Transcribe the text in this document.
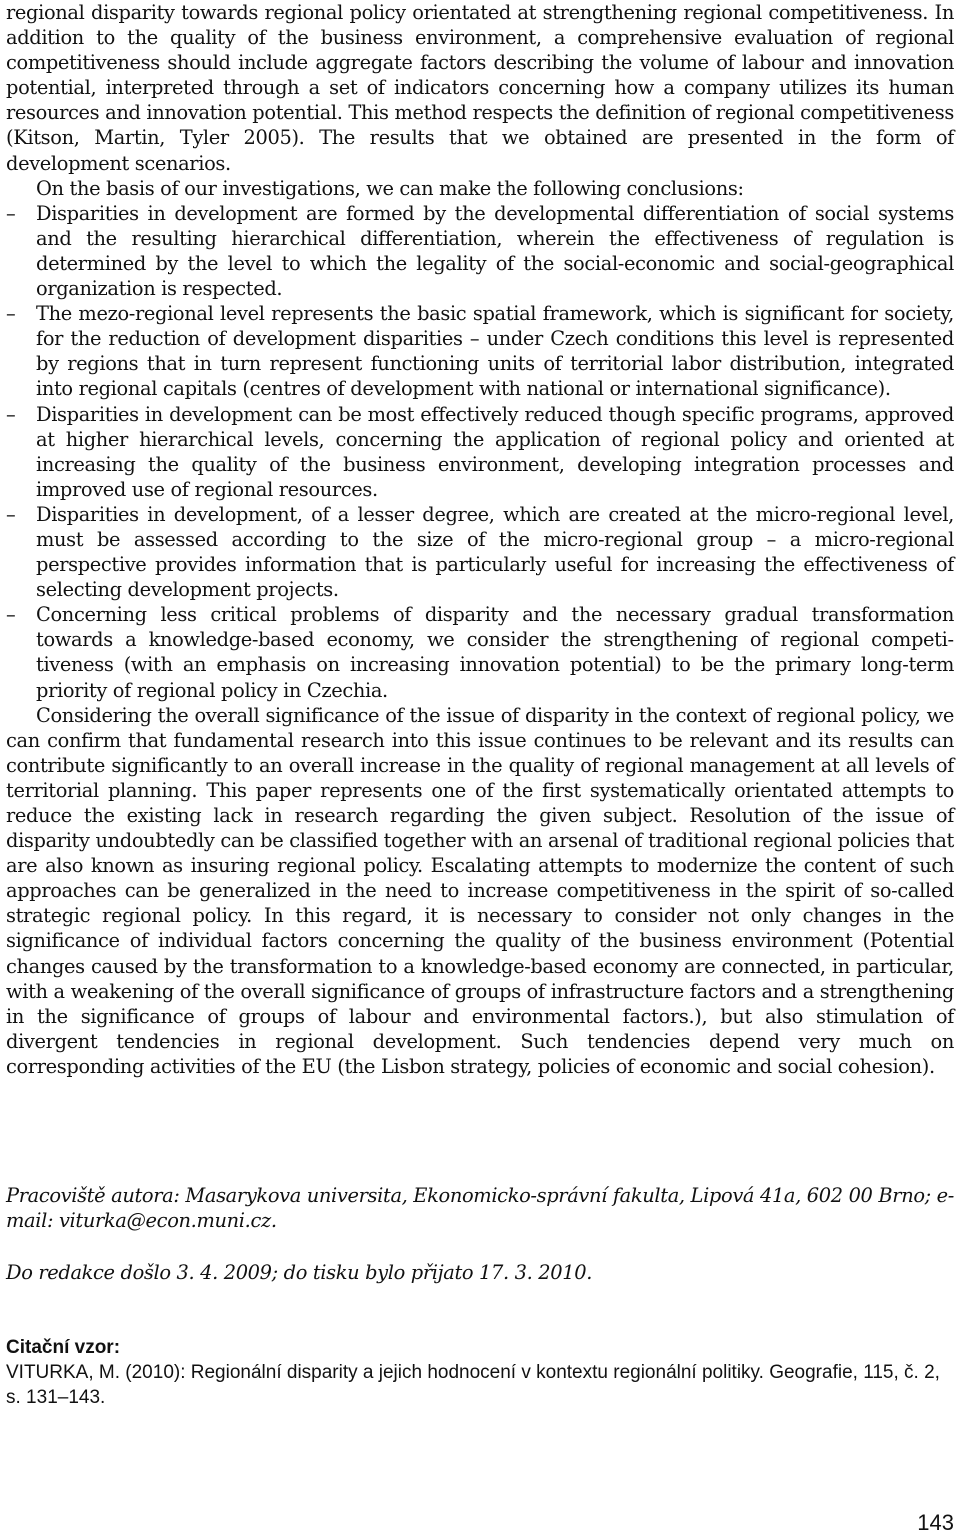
regional disparity towards regional policy orientated at strengthening regional competitiveness. In addition to the quality of the business environment, a comprehensive evaluation of regional competitiveness should include aggregate factors describing the volume of labour and innovation potential, interpreted through a set of indicators concerning how a company utilizes its human resources and innovation potential. This method respects the definition of regional competitiveness (Kitson, Martin, Tyler 2005). The results that we obtained are presented in the form of development scenarios.

On the basis of our investigations, we can make the following conclusions:

–	Disparities in development are formed by the developmental differentiation of social systems and the resulting hierarchical differentiation, wherein the effectiveness of regulation is determined by the level to which the legality of the social-economic and social-geographical organization is respected.
–	The mezo-regional level represents the basic spatial framework, which is significant for society, for the reduction of development disparities – under Czech conditions this level is represented by regions that in turn represent functioning units of territorial labor distribution, integrated into regional capitals (centres of development with national or international significance).
–	Disparities in development can be most effectively reduced though specific programs, approved at higher hierarchical levels, concerning the application of regional policy and oriented at increasing the quality of the business environment, developing integration processes and improved use of regional resources.
–	Disparities in development, of a lesser degree, which are created at the micro-regional level, must be assessed according to the size of the micro-regional group – a micro-regional perspective provides information that is particularly useful for increasing the effectiveness of selecting development projects.
–	Concerning less critical problems of disparity and the necessary gradual transformation towards a knowledge-based economy, we consider the strengthening of regional competitiveness (with an emphasis on increasing innovation potential) to be the primary long-term priority of regional policy in Czechia.

Considering the overall significance of the issue of disparity in the context of regional policy, we can confirm that fundamental research into this issue continues to be relevant and its results can contribute significantly to an overall increase in the quality of regional management at all levels of territorial planning. This paper represents one of the first systematically orientated attempts to reduce the existing lack in research regarding the given subject. Resolution of the issue of disparity undoubtedly can be classified together with an arsenal of traditional regional policies that are also known as insuring regional policy. Escalating attempts to modernize the content of such approaches can be generalized in the need to increase competitiveness in the spirit of so-called strategic regional policy. In this regard, it is necessary to consider not only changes in the significance of individual factors concerning the quality of the business environment (Potential changes caused by the transformation to a knowledge-based economy are connected, in particular, with a weakening of the overall significance of groups of infrastructure factors and a strengthening in the significance of groups of labour and environmental factors.), but also stimulation of divergent tendencies in regional development. Such tendencies depend very much on corresponding activities of the EU (the Lisbon strategy, policies of economic and social cohesion).

Pracoviště autora: Masarykova universita, Ekonomicko-správní fakulta, Lipová 41a, 602 00 Brno; e-mail: viturka@econ.muni.cz.
Do redakce došlo 3. 4. 2009; do tisku bylo přijato 17. 3. 2010.
Citační vzor:
VITURKA, M. (2010): Regionální disparity a jejich hodnocení v kontextu regionální politiky. Geografie, 115, č. 2, s. 131–143.
143
